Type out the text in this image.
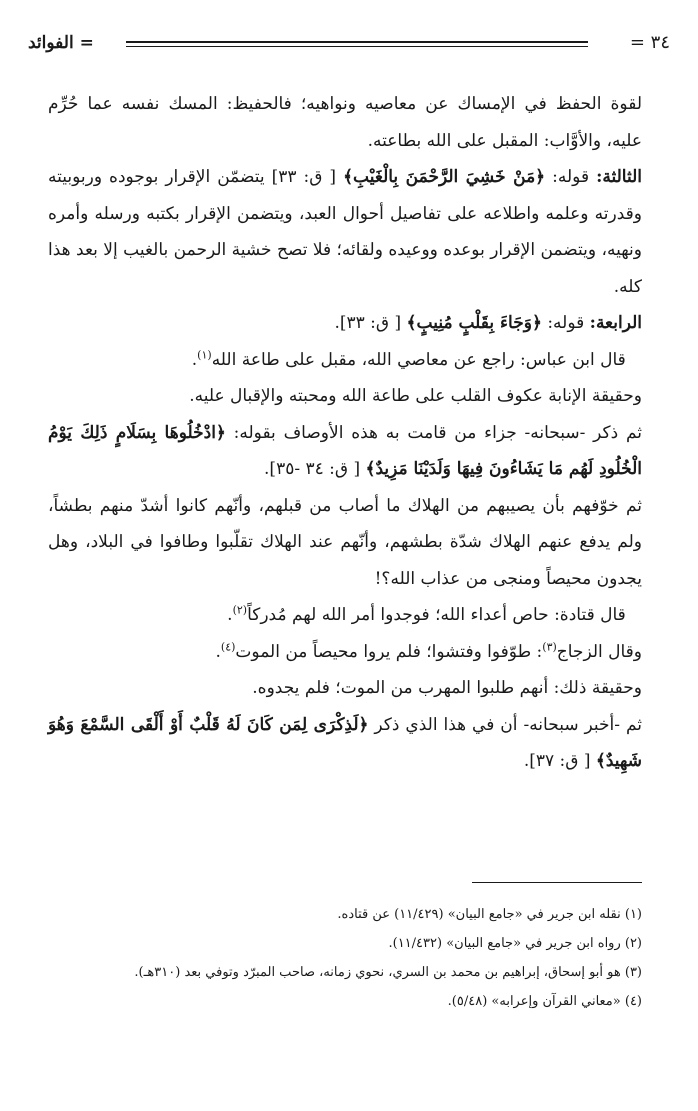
= الفوائد	٣٤ =

لقوة الحفظ في الإمساك عن معاصيه ونواهيه؛ فالحفيظ: المسك نفسه عما حُرِّم عليه، والأوَّاب: المقبل على الله بطاعته.

الثالثة: قوله: ﴿مَنْ خَشِيَ الرَّحْمَنَ بِالْغَيْبِ﴾ [ ق: ٣٣] يتضمّن الإقرار بوجوده وربوبيته وقدرته وعلمه واطلاعه على تفاصيل أحوال العبد، ويتضمن الإقرار بكتبه ورسله وأمره ونهيه، ويتضمن الإقرار بوعده ووعيده ولقائه؛ فلا تصح خشية الرحمن بالغيب إلا بعد هذا كله.

الرابعة: قوله: ﴿وَجَاءَ بِقَلْبٍ مُنِيبٍ﴾ [ ق: ٣٣].

قال ابن عباس: راجع عن معاصي الله، مقبل على طاعة الله$^{(١)}$.

وحقيقة الإنابة عكوف القلب على طاعة الله ومحبته والإقبال عليه.

ثم ذكر -سبحانه- جزاء من قامت به هذه الأوصاف بقوله: ﴿ادْخُلُوهَا بِسَلَامٍ ذَلِكَ يَوْمُ الْخُلُودِ لَهُم مَا يَشَاءُونَ فِيهَا وَلَدَيْنَا مَزِيدٌ﴾ [ ق: ٣٤ -٣٥].

ثم خوّفهم بأن يصيبهم من الهلاك ما أصاب من قبلهم، وأنّهم كانوا أشدّ منهم بطشاً، ولم يدفع عنهم الهلاك شدّة بطشهم، وأنّهم عند الهلاك تقلّبوا وطافوا في البلاد، وهل يجدون محيصاً ومنجى من عذاب الله؟!

قال قتادة: حاص أعداء الله؛ فوجدوا أمر الله لهم مُدركاً$^{(٢)}$.

وقال الزجاج$^{(٣)}$: طوّفوا وفتشوا؛ فلم يروا محيصاً من الموت$^{(٤)}$.

وحقيقة ذلك: أنهم طلبوا المهرب من الموت؛ فلم يجدوه.

ثم -أخبر سبحانه- أن في هذا الذي ذكر ﴿لَذِكْرَى لِمَن كَانَ لَهُ قَلْبٌ أَوْ أَلْقَى السَّمْعَ وَهُوَ شَهِيدٌ﴾ [ ق: ٣٧].

(١) نقله ابن جرير في «جامع البيان» (١١/٤٢٩) عن قتاده.

(٢) رواه ابن جرير في «جامع البيان» (١١/٤٣٢).

(٣) هو أبو إسحاق، إبراهيم بن محمد بن السري، نحوي زمانه، صاحب المبرّد وتوفي بعد (٣١٠هـ).

(٤) «معاني القرآن وإعرابه» (٥/٤٨).
